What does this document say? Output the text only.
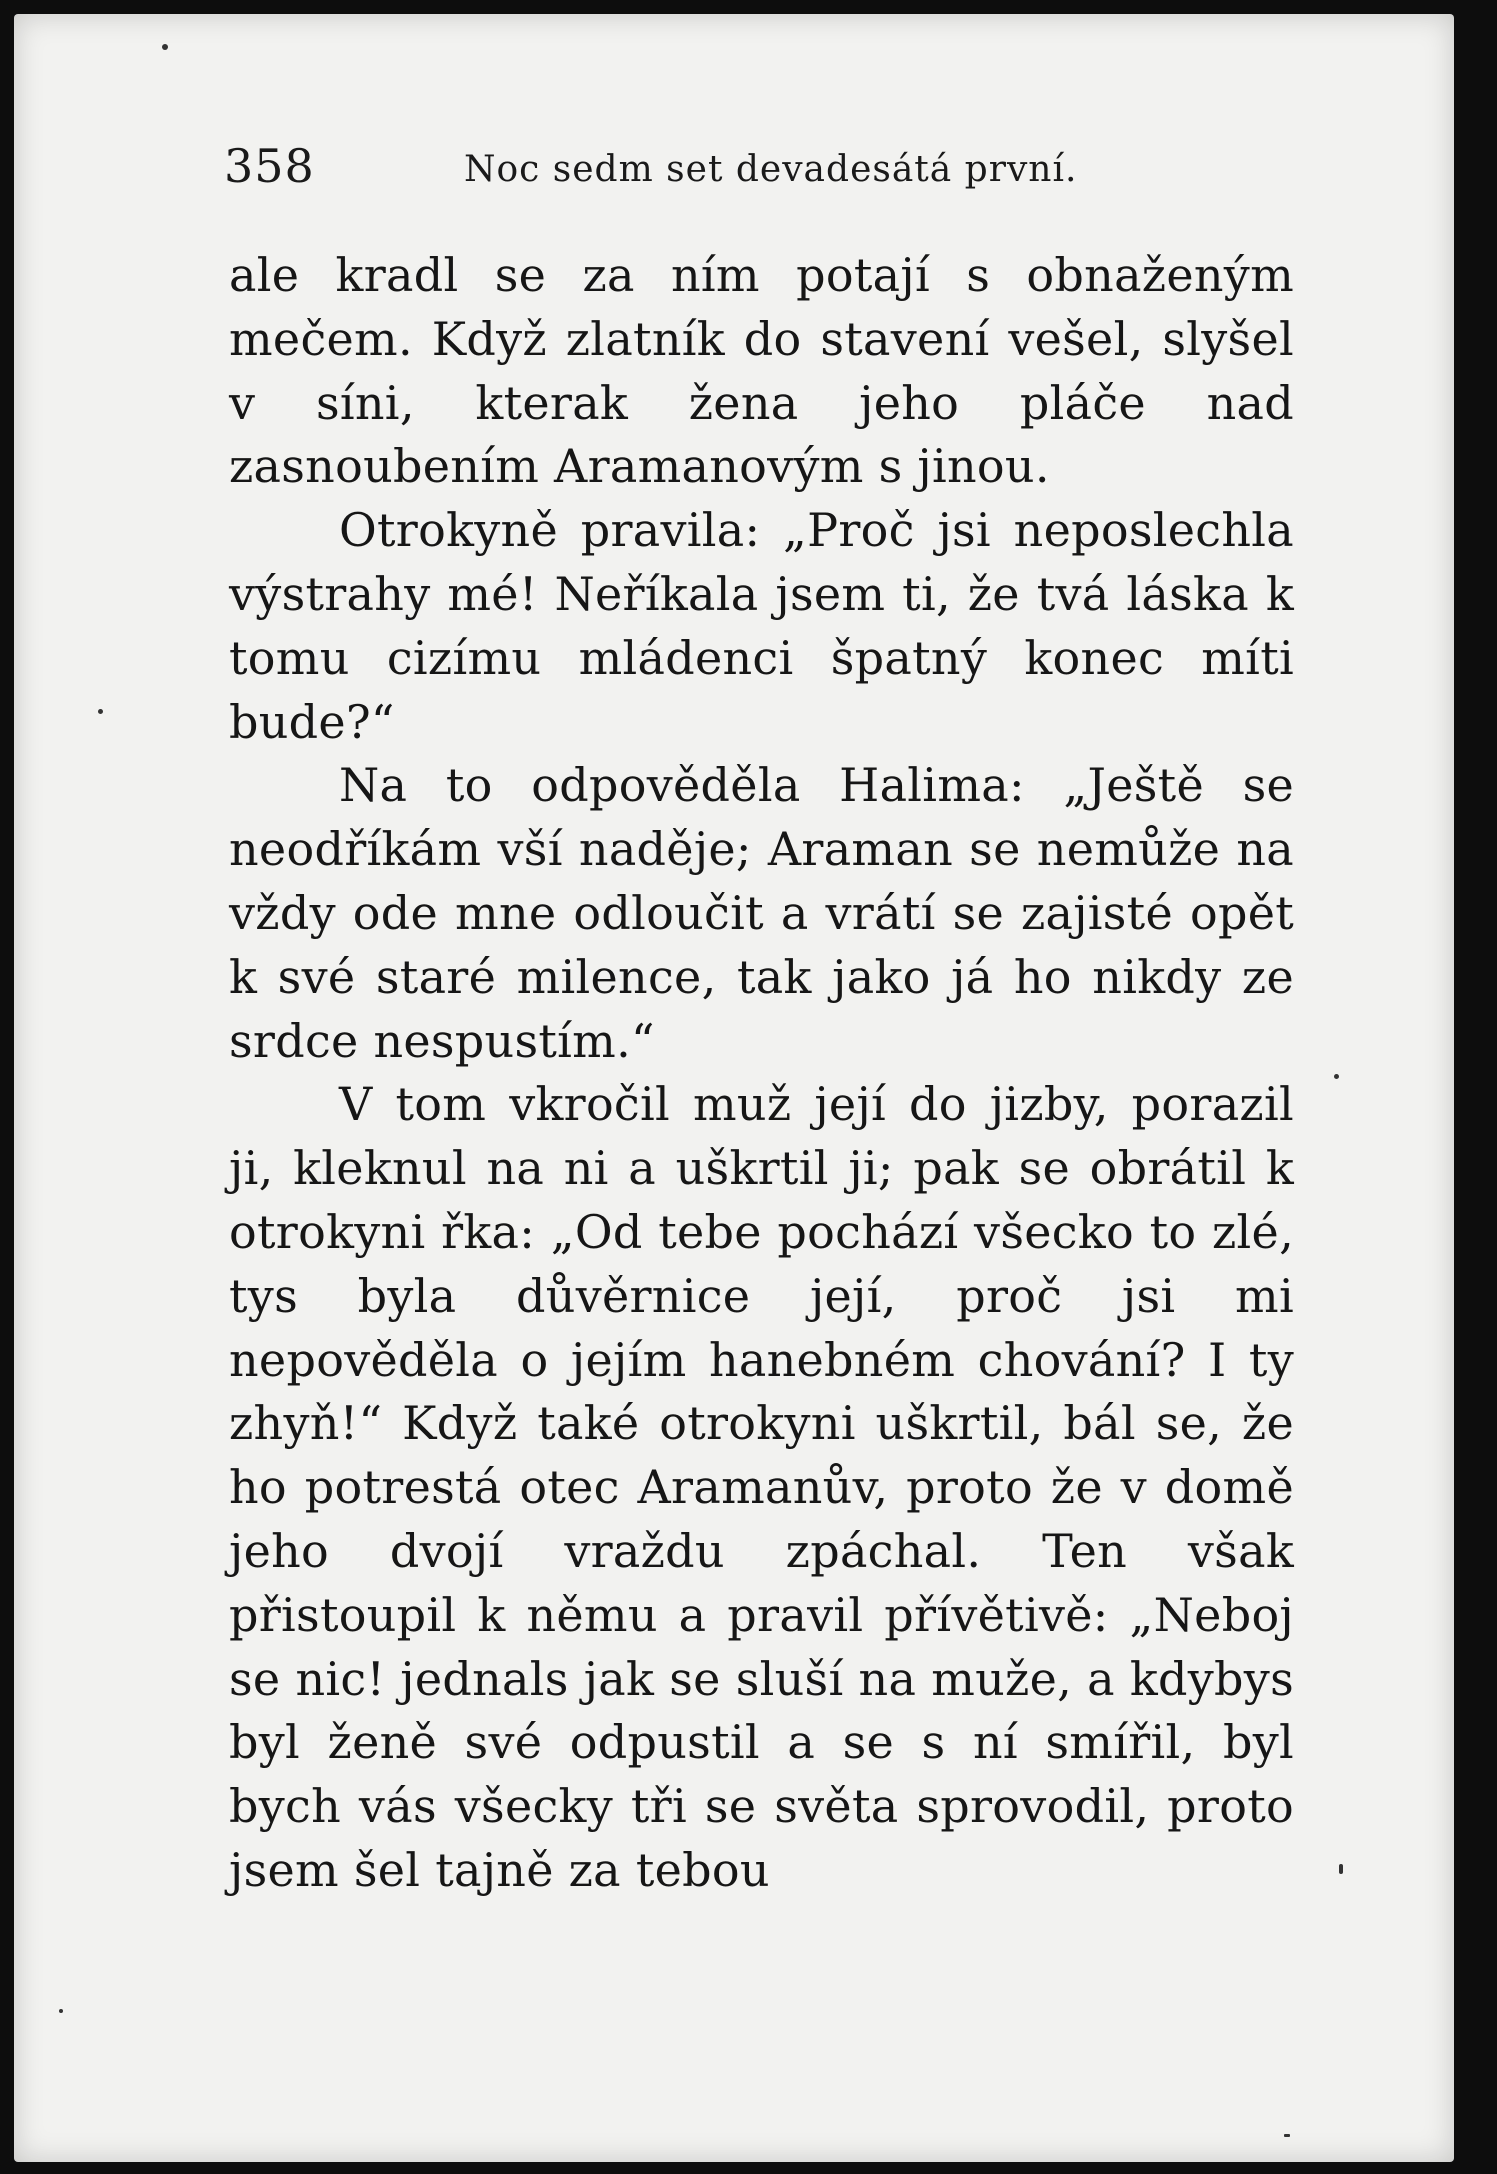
358	Noc sedm set devadesátá první.

ale kradl se za ním potají s obnaženým mečem. Když zlatník do stavení vešel, slyšel v síni, kterak žena jeho pláče nad zasnoubením Aramanovým s jinou.

Otrokyně pravila: „Proč jsi neposlechla výstrahy mé! Neříkala jsem ti, že tvá láska k tomu cizímu mládenci špatný konec míti bude?“

Na to odpověděla Halima: „Ještě se neodříkám vší naděje; Araman se nemůže na vždy ode mne odloučit a vrátí se zajisté opět k své staré milence, tak jako já ho nikdy ze srdce nespustím.“

V tom vkročil muž její do jizby, porazil ji, kleknul na ni a uškrtil ji; pak se obrátil k otrokyni řka: „Od tebe pochází všecko to zlé, tys byla důvěrnice její, proč jsi mi nepověděla o jejím hanebném chování? I ty zhyň!“ Když také otrokyni uškrtil, bál se, že ho potrestá otec Aramanův, proto že v domě jeho dvojí vraždu zpáchal. Ten však přistoupil k němu a pravil přívětivě: „Neboj se nic! jednals jak se sluší na muže, a kdybys byl ženě své odpustil a se s ní smířil, byl bych vás všecky tři se světa sprovodil, proto jsem šel tajně za tebou
